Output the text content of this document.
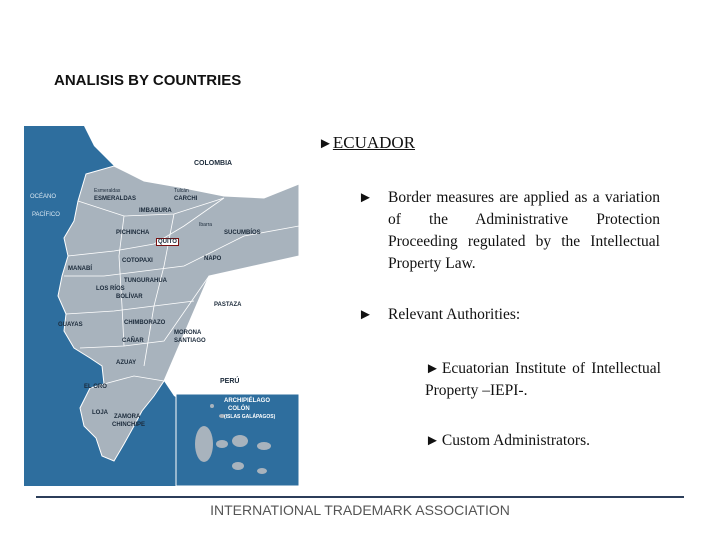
ANALISIS BY COUNTRIES
COLOMBIA
OCÉANO
PACÍFICO
Esmeraldas
ESMERALDAS
Tulcán
CARCHI
IMBABURA
Ibarra
SUCUMBÍOS
PICHINCHA
QUITO
NAPO
COTOPAXI
MANABÍ
TUNGURAHUA
LOS RÍOS
BOLÍVAR
PASTAZA
GUAYAS	CHIMBORAZO
MORONA
SANTIAGO
CAÑAR
AZUAY
EL ORO
PERÚ
LOJA
ZAMORA
CHINCHIPE
ARCHIPIÉLAGO
COLÓN
(ISLAS GALÁPAGOS)
►ECUADOR
► Border measures are applied as a variation of the Administrative Protection Proceeding regulated by the Intellectual Property Law.
► Relevant Authorities:
► Ecuatorian Institute of Intellectual Property –IEPI-.
► Custom Administrators.
INTERNATIONAL TRADEMARK ASSOCIATION
